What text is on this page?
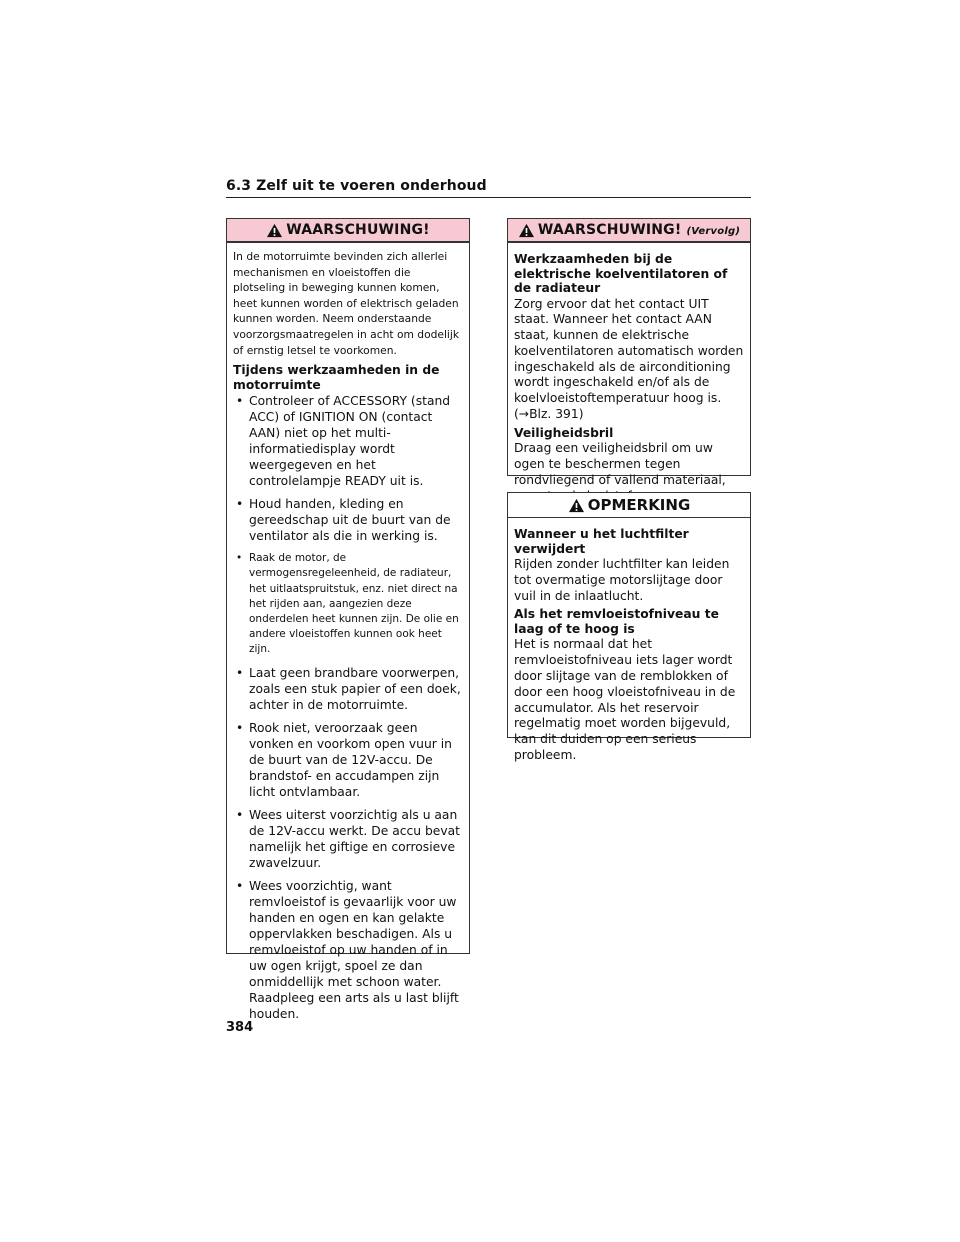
6.3 Zelf uit te voeren onderhoud
WAARSCHUWING!

In de motorruimte bevinden zich allerlei mechanismen en vloeistoffen die plotseling in beweging kunnen komen, heet kunnen worden of elektrisch geladen kunnen worden. Neem onderstaande voorzorgsmaatregelen in acht om dodelijk of ernstig letsel te voorkomen.

Tijdens werkzaamheden in de motorruimte
• Controleer of ACCESSORY (stand ACC) of IGNITION ON (contact AAN) niet op het multi-informatiedisplay wordt weergegeven en het controlelampje READY uit is.
• Houd handen, kleding en gereedschap uit de buurt van de ventilator als die in werking is.
• Raak de motor, de vermogensregeleenheid, de radiateur, het uitlaatspruitstuk, enz. niet direct na het rijden aan, aangezien deze onderdelen heet kunnen zijn. De olie en andere vloeistoffen kunnen ook heet zijn.
• Laat geen brandbare voorwerpen, zoals een stuk papier of een doek, achter in de motorruimte.
• Rook niet, veroorzaak geen vonken en voorkom open vuur in de buurt van de 12V-accu. De brandstof- en accudampen zijn licht ontvlambaar.
• Wees uiterst voorzichtig als u aan de 12V-accu werkt. De accu bevat namelijk het giftige en corrosieve zwavelzuur.
• Wees voorzichtig, want remvloeistof is gevaarlijk voor uw handen en ogen en kan gelakte oppervlakken beschadigen. Als u remvloeistof op uw handen of in uw ogen krijgt, spoel ze dan onmiddellijk met schoon water. Raadpleeg een arts als u last blijft houden.
WAARSCHUWING! (Vervolg)
Werkzaamheden bij de elektrische koelventilatoren of de radiateur

Zorg ervoor dat het contact UIT staat. Wanneer het contact AAN staat, kunnen de elektrische koelventilatoren automatisch worden ingeschakeld als de airconditioning wordt ingeschakeld en/of als de koelvloeistoftemperatuur hoog is. (→Blz. 391)

Veiligheidsbril

Draag een veiligheidsbril om uw ogen te beschermen tegen rondvliegend of vallend materiaal,

OPMERKING
Wanneer u het luchtfilter verwijdert

Rijden zonder luchtfilter kan leiden tot overmatige motorslijtage door vuil in de inlaatlucht.

Als het remvloeistofniveau te laag of te hoog is

Het is normaal dat het remvloeistofniveau iets lager wordt door slijtage van de remblokken of door een hoog vloeistofniveau in de accumulator. Als het reservoir regelmatig moet worden bijgevuld, kan dit duiden op een serieus probleem.

384
